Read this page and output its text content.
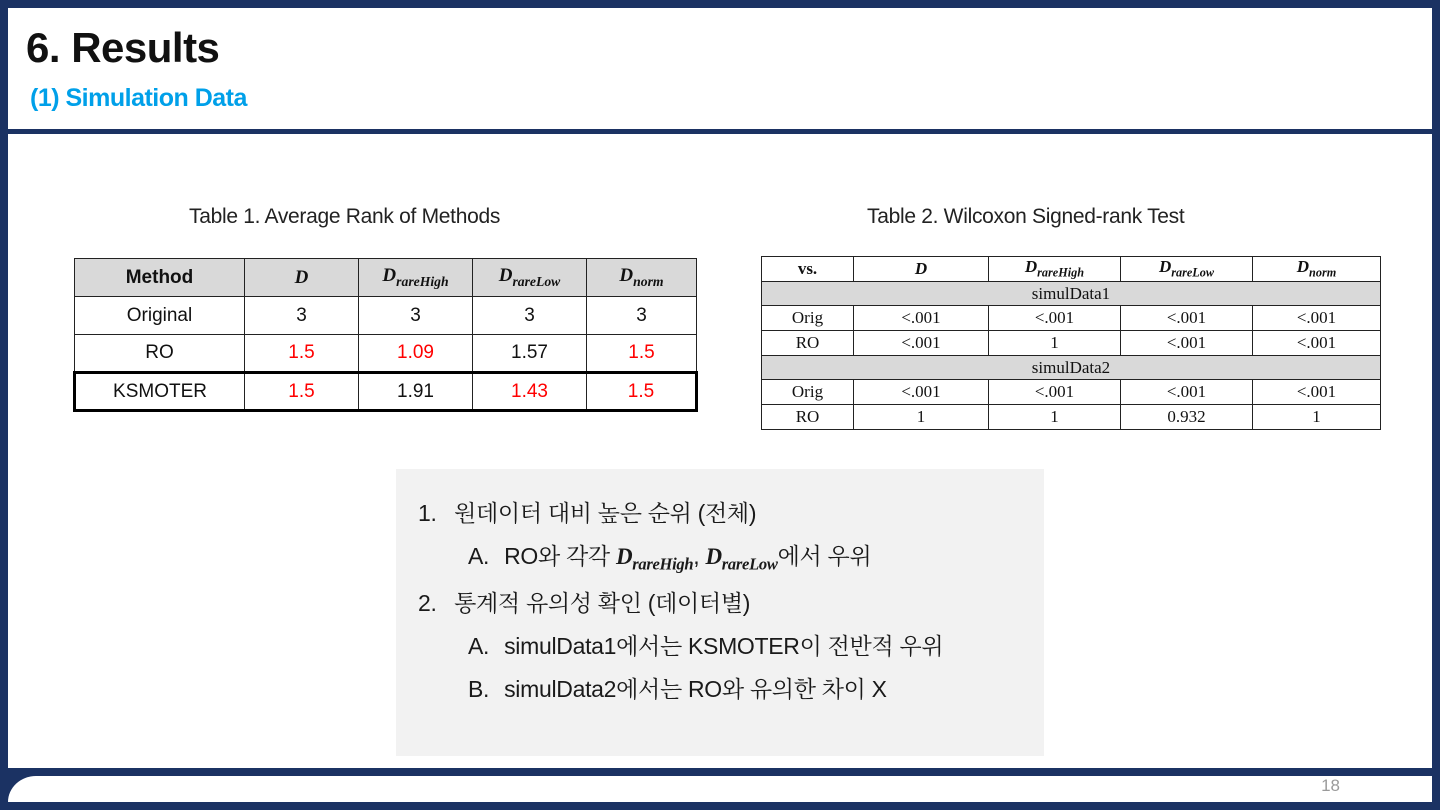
6. Results
(1) Simulation Data
Table 1. Average Rank of Methods	Table 2. Wilcoxon Signed-rank Test
Method	D	$D_{rareHigh}$	$D_{rareLow}$	$D_{norm}$
Original	3	3	3	3
RO	1.5	1.09	1.57	1.5
KSMOTER	1.5	1.91	1.43	1.5
vs.	D	$D_{rareHigh}$	$D_{rareLow}$	$D_{norm}$
simulData1				
Orig	<.001	<.001	<.001	<.001
RO	<.001	1	<.001	<.001
simulData2				
Orig	<.001	<.001	<.001	<.001
RO	1	1	0.932	1
1. 원데이터 대비 높은 순위 (전체)
A. RO와 각각 $D_{rareHigh}$, $D_{rareLow}$에서 우위
2. 통계적 유의성 확인 (데이터별)
A. simulData1에서는 KSMOTER이 전반적 우위
B. simulData2에서는 RO와 유의한 차이 X
18
